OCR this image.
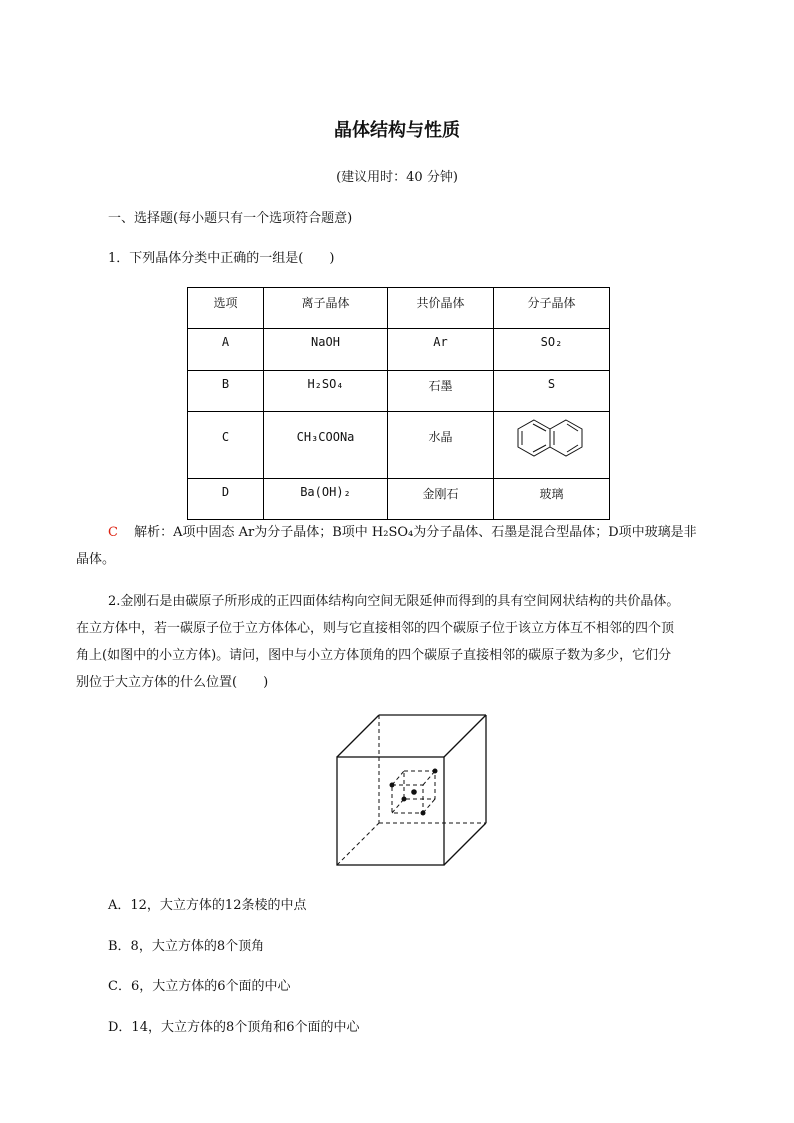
晶体结构与性质
(建议用时：40 分钟)
一、选择题(每小题只有一个选项符合题意)
1．下列晶体分类中正确的一组是(　　)
选项	离子晶体	共价晶体	分子晶体
A	NaOH	Ar	SO₂
B	H₂SO₄	石墨	S
C	CH₃COONa	水晶	
D	Ba(OH)₂	金刚石	玻璃
C 解析：A项中固态 Ar为分子晶体；B项中 H₂SO₄为分子晶体、石墨是混合型晶体；D项中玻璃是非
晶体。
2.金刚石是由碳原子所形成的正四面体结构向空间无限延伸而得到的具有空间网状结构的共价晶体。
在立方体中，若一碳原子位于立方体体心，则与它直接相邻的四个碳原子位于该立方体互不相邻的四个顶
角上(如图中的小立方体)。请问，图中与小立方体顶角的四个碳原子直接相邻的碳原子数为多少，它们分
别位于大立方体的什么位置(　　)
A．12，大立方体的12条棱的中点
B．8，大立方体的8个顶角
C．6，大立方体的6个面的中心
D．14，大立方体的8个顶角和6个面的中心
